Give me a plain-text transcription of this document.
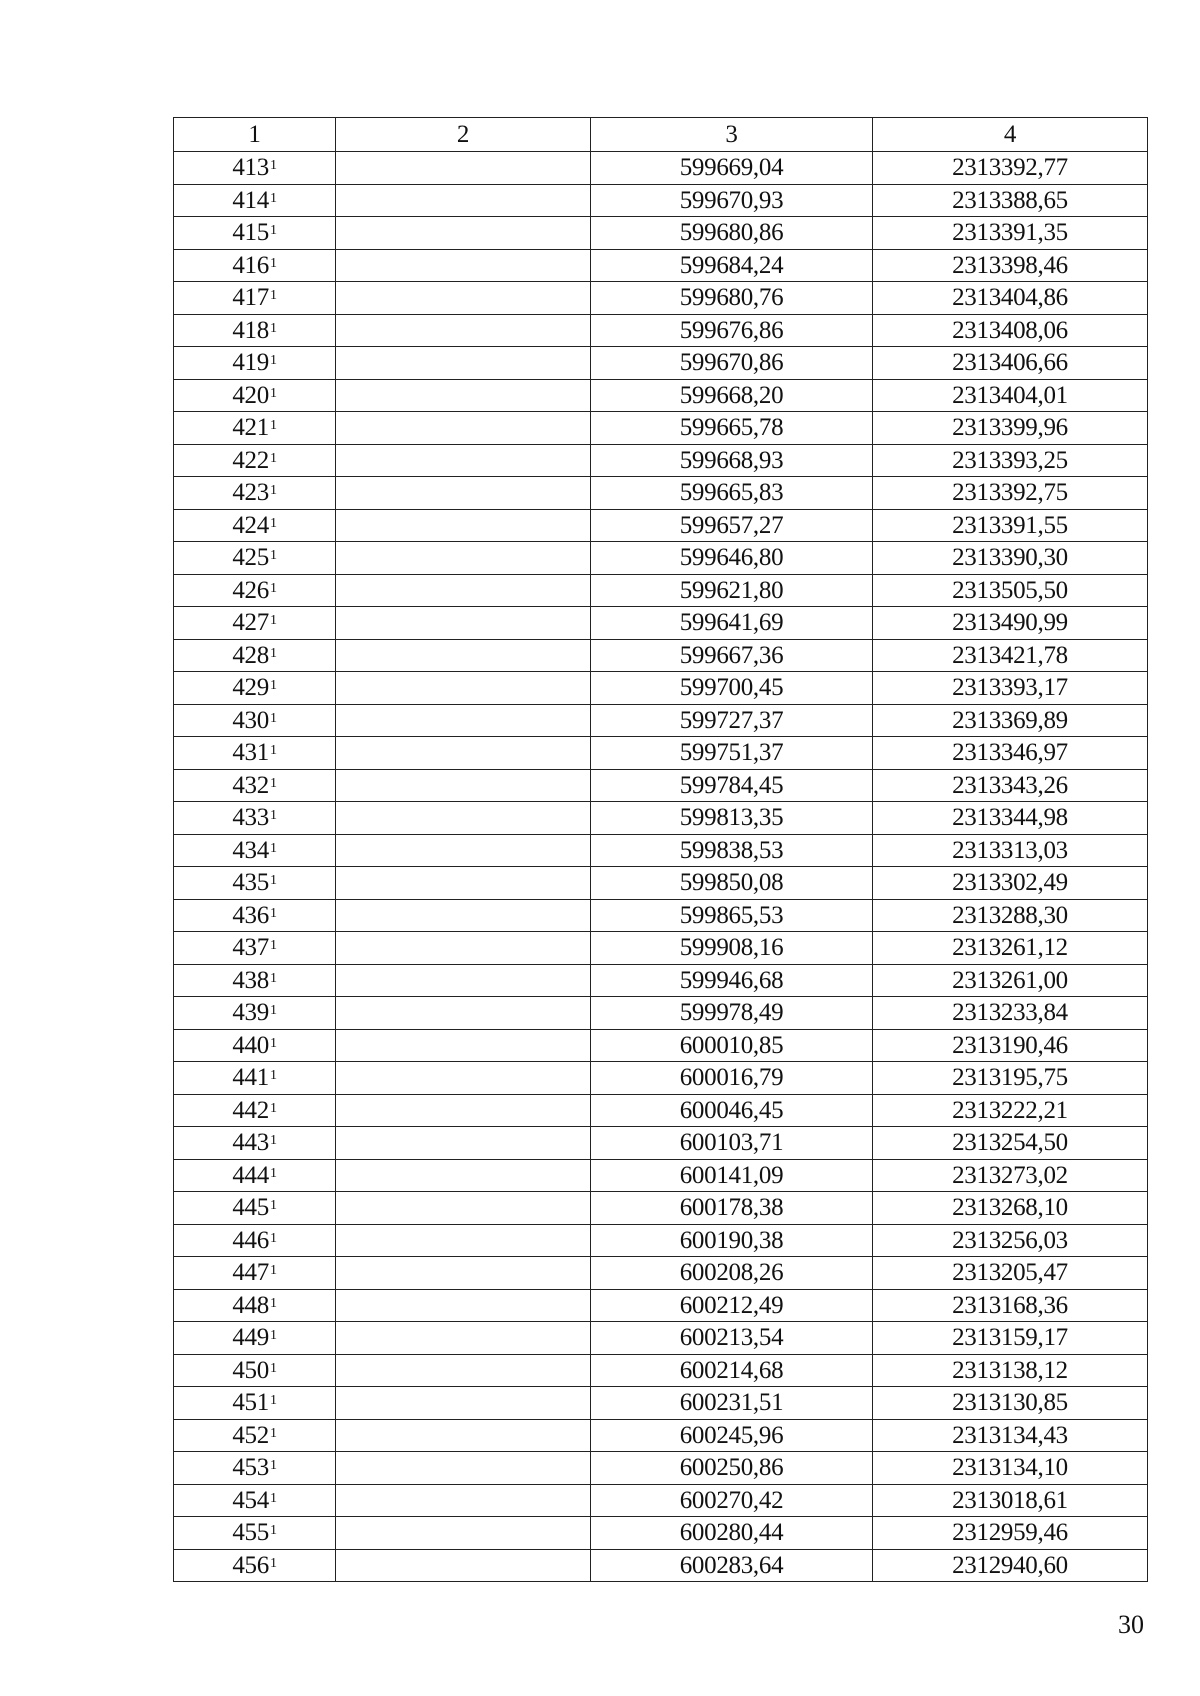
1	2	3	4
$413^1$		599669,04	2313392,77
$414^1$		599670,93	2313388,65
$415^1$		599680,86	2313391,35
$416^1$		599684,24	2313398,46
$417^1$		599680,76	2313404,86
$418^1$		599676,86	2313408,06
$419^1$		599670,86	2313406,66
$420^1$		599668,20	2313404,01
$421^1$		599665,78	2313399,96
$422^1$		599668,93	2313393,25
$423^1$		599665,83	2313392,75
$424^1$		599657,27	2313391,55
$425^1$		599646,80	2313390,30
$426^1$		599621,80	2313505,50
$427^1$		599641,69	2313490,99
$428^1$		599667,36	2313421,78
$429^1$		599700,45	2313393,17
$430^1$		599727,37	2313369,89
$431^1$		599751,37	2313346,97
$432^1$		599784,45	2313343,26
$433^1$		599813,35	2313344,98
$434^1$		599838,53	2313313,03
$435^1$		599850,08	2313302,49
$436^1$		599865,53	2313288,30
$437^1$		599908,16	2313261,12
$438^1$		599946,68	2313261,00
$439^1$		599978,49	2313233,84
$440^1$		600010,85	2313190,46
$441^1$		600016,79	2313195,75
$442^1$		600046,45	2313222,21
$443^1$		600103,71	2313254,50
$444^1$		600141,09	2313273,02
$445^1$		600178,38	2313268,10
$446^1$		600190,38	2313256,03
$447^1$		600208,26	2313205,47
$448^1$		600212,49	2313168,36
$449^1$		600213,54	2313159,17
$450^1$		600214,68	2313138,12
$451^1$		600231,51	2313130,85
$452^1$		600245,96	2313134,43
$453^1$		600250,86	2313134,10
$454^1$		600270,42	2313018,61
$455^1$		600280,44	2312959,46
$456^1$		600283,64	2312940,60
30
